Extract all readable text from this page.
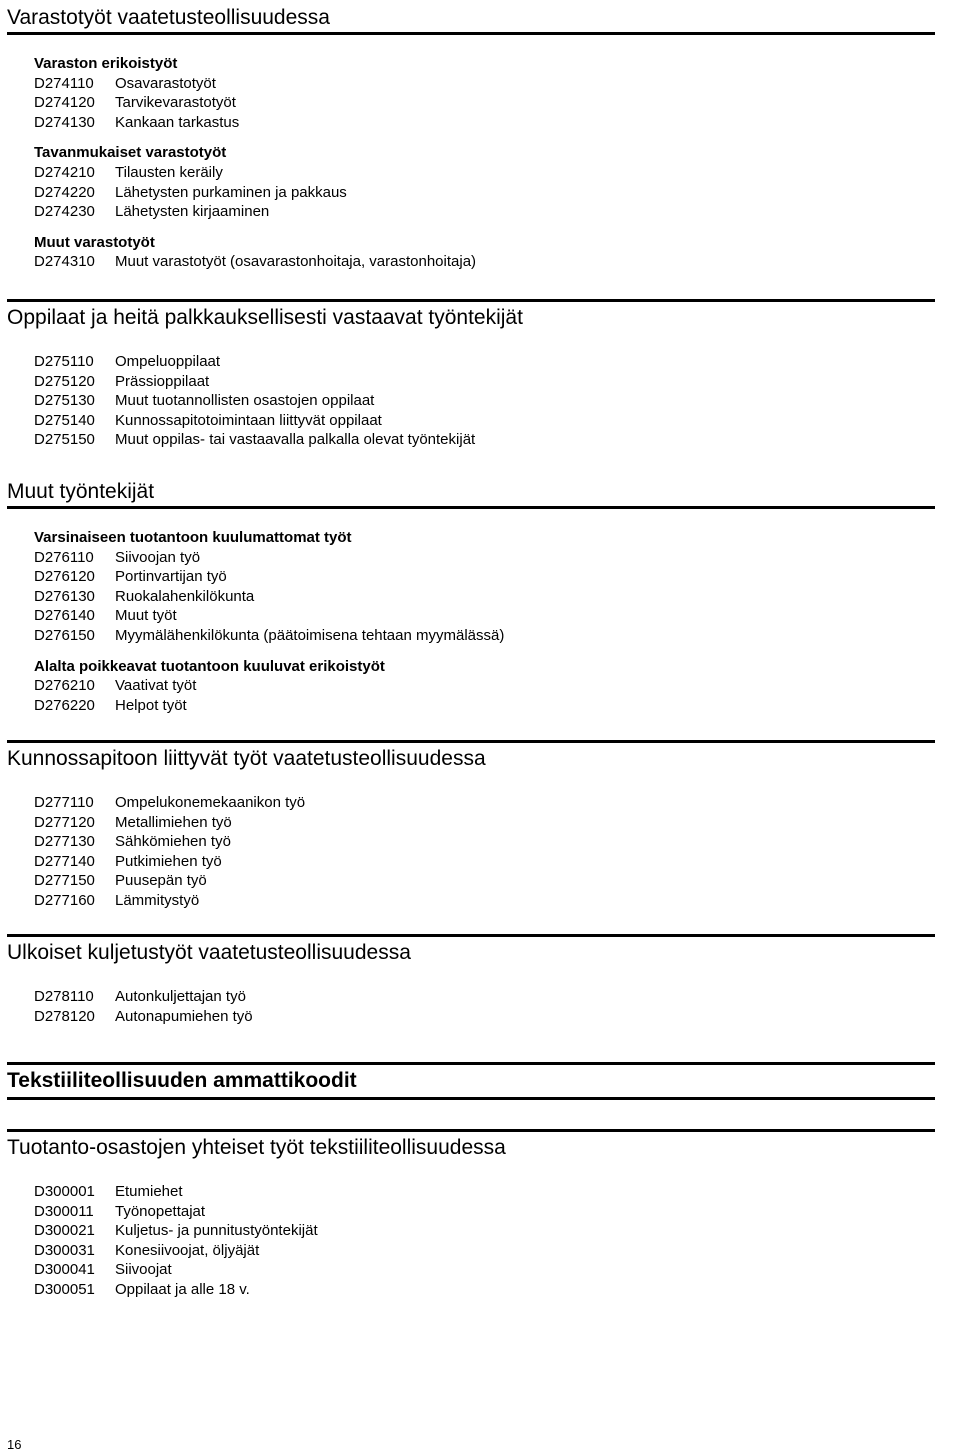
Varastotyöt vaatetusteollisuudessa
Varaston erikoistyöt
D274110 Osavarastotyöt
D274120 Tarvikevarastotyöt
D274130 Kankaan tarkastus
Tavanmukaiset varastotyöt
D274210 Tilausten keräily
D274220 Lähetysten purkaminen ja pakkaus
D274230 Lähetysten kirjaaminen
Muut varastotyöt
D274310 Muut varastotyöt (osavarastonhoitaja, varastonhoitaja)
Oppilaat ja heitä palkkauksellisesti vastaavat työntekijät
D275110 Ompeluoppilaat
D275120 Prässioppilaat
D275130 Muut tuotannollisten osastojen oppilaat
D275140 Kunnossapitotoimintaan liittyvät oppilaat
D275150 Muut oppilas- tai vastaavalla palkalla olevat työntekijät
Muut työntekijät
Varsinaiseen tuotantoon kuulumattomat työt
D276110 Siivoojan työ
D276120 Portinvartijan työ
D276130 Ruokalahenkilökunta
D276140 Muut työt
D276150 Myymälähenkilökunta (päätoimisena tehtaan myymälässä)
Alalta poikkeavat tuotantoon kuuluvat erikoistyöt
D276210 Vaativat työt
D276220 Helpot työt
Kunnossapitoon liittyvät työt vaatetusteollisuudessa
D277110 Ompelukonemekaanikon työ
D277120 Metallimiehen työ
D277130 Sähkömiehen työ
D277140 Putkimiehen työ
D277150 Puusepän työ
D277160 Lämmitystyö
Ulkoiset kuljetustyöt vaatetusteollisuudessa
D278110 Autonkuljettajan työ
D278120 Autonapumiehen työ
Tekstiiliteollisuuden ammattikoodit
Tuotanto-osastojen yhteiset työt tekstiiliteollisuudessa
D300001 Etumiehet
D300011 Työnopettajat
D300021 Kuljetus- ja punnitustyöntekijät
D300031 Konesiivoojat, öljyäjät
D300041 Siivoojat
D300051 Oppilaat ja alle 18 v.
16
